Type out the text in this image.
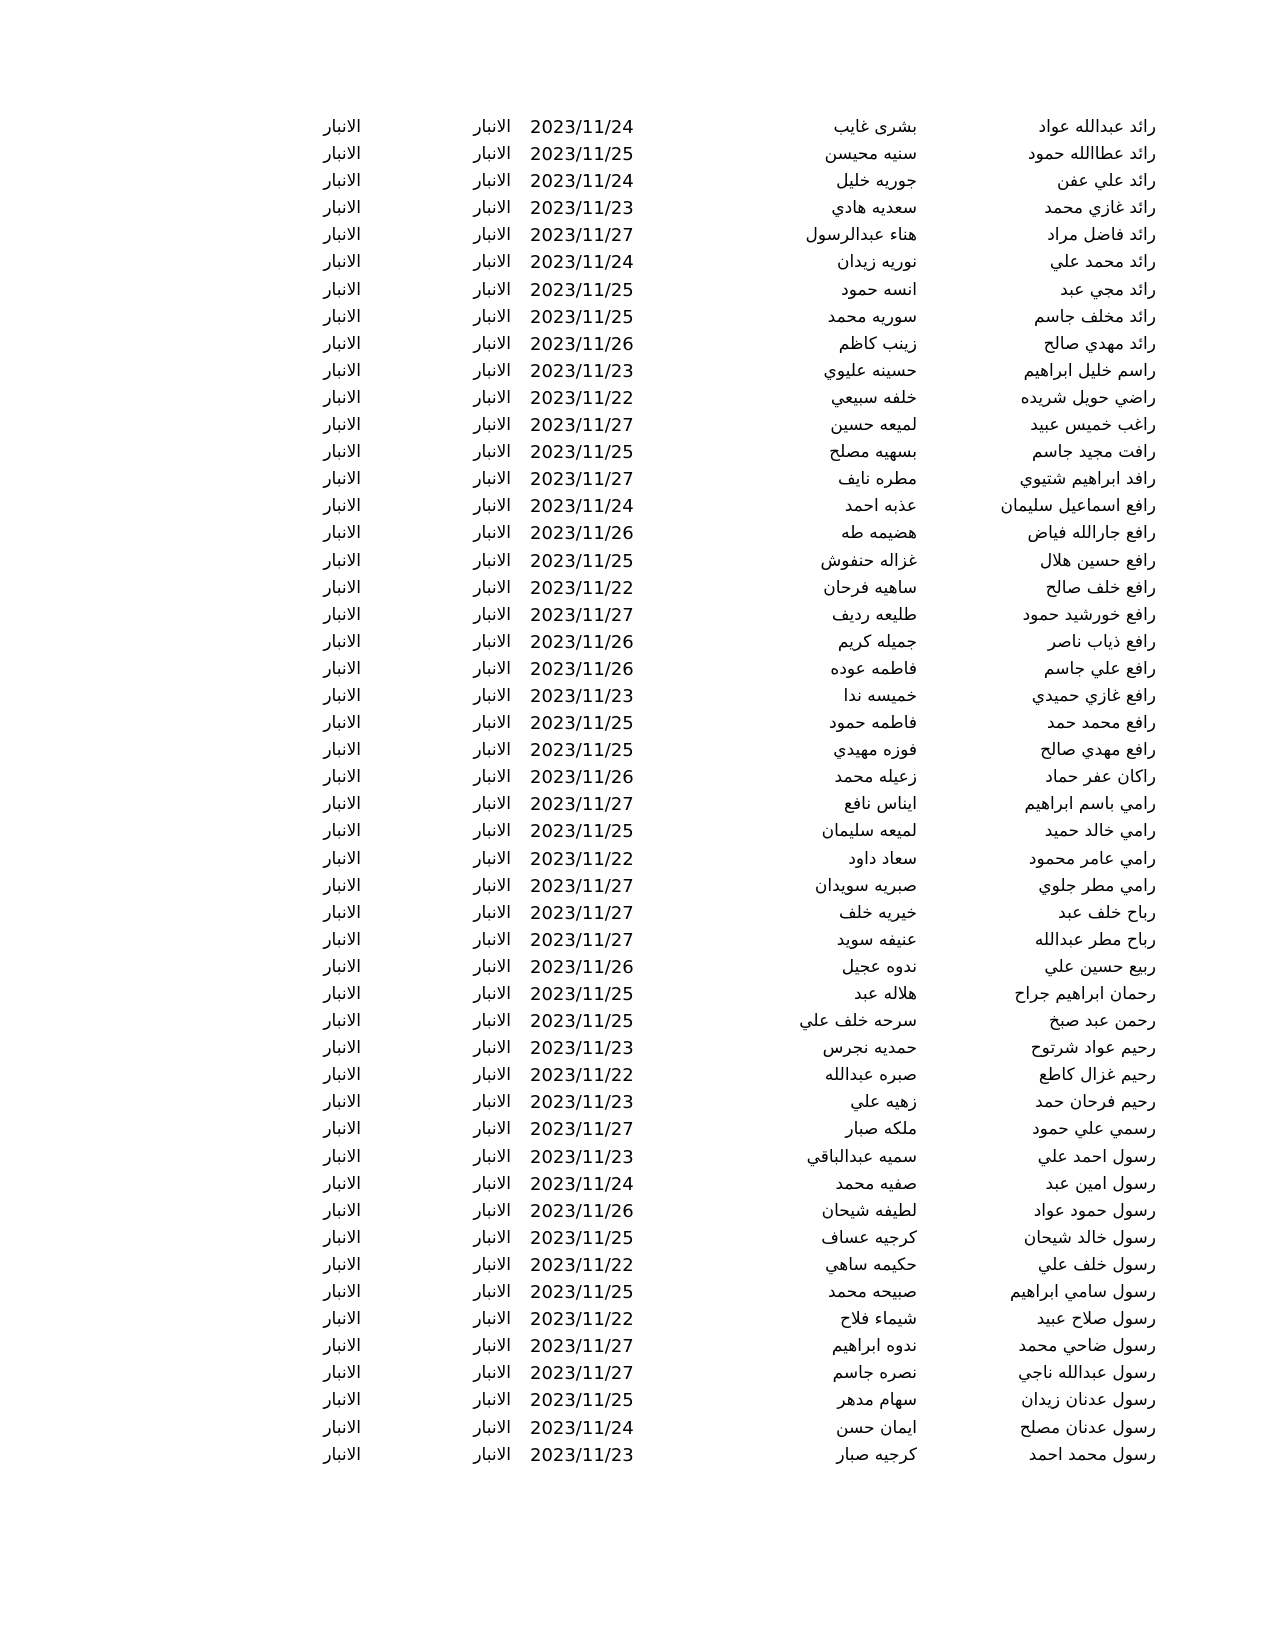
رائد عبدالله عواد
بشرى غايب
2023/11/24
الانبار
الانبار
رائد عطاالله حمود
سنيه محيسن
2023/11/25
الانبار
الانبار
رائد علي عفن
جوريه خليل
2023/11/24
الانبار
الانبار
رائد غازي محمد
سعديه هادي
2023/11/23
الانبار
الانبار
رائد فاضل مراد
هناء عبدالرسول
2023/11/27
الانبار
الانبار
رائد محمد علي
نوريه زيدان
2023/11/24
الانبار
الانبار
رائد مجي عبد
انسه حمود
2023/11/25
الانبار
الانبار
رائد مخلف جاسم
سوريه محمد
2023/11/25
الانبار
الانبار
رائد مهدي صالح
زينب كاظم
2023/11/26
الانبار
الانبار
راسم خليل ابراهيم
حسينه عليوي
2023/11/23
الانبار
الانبار
راضي حويل شريده
خلفه سبيعي
2023/11/22
الانبار
الانبار
راغب خميس عبيد
لميعه حسين
2023/11/27
الانبار
الانبار
رافت مجيد جاسم
بسهيه مصلح
2023/11/25
الانبار
الانبار
رافد ابراهيم شتيوي
مطره نايف
2023/11/27
الانبار
الانبار
رافع اسماعيل سليمان
عذبه احمد
2023/11/24
الانبار
الانبار
رافع جارالله فياض
هضيمه طه
2023/11/26
الانبار
الانبار
رافع حسين هلال
غزاله حنفوش
2023/11/25
الانبار
الانبار
رافع خلف صالح
ساهيه فرحان
2023/11/22
الانبار
الانبار
رافع خورشيد حمود
طليعه رديف
2023/11/27
الانبار
الانبار
رافع ذياب ناصر
جميله كريم
2023/11/26
الانبار
الانبار
رافع علي جاسم
فاطمه عوده
2023/11/26
الانبار
الانبار
رافع غازي حميدي
خميسه ندا
2023/11/23
الانبار
الانبار
رافع محمد حمد
فاطمه حمود
2023/11/25
الانبار
الانبار
رافع مهدي صالح
فوزه مهيدي
2023/11/25
الانبار
الانبار
راكان عفر حماد
زعيله محمد
2023/11/26
الانبار
الانبار
رامي باسم ابراهيم
ايناس نافع
2023/11/27
الانبار
الانبار
رامي خالد حميد
لميعه سليمان
2023/11/25
الانبار
الانبار
رامي عامر محمود
سعاد داود
2023/11/22
الانبار
الانبار
رامي مطر جلوي
صبريه سويدان
2023/11/27
الانبار
الانبار
رباح خلف عبد
خيريه خلف
2023/11/27
الانبار
الانبار
رباح مطر عبدالله
عنيفه سويد
2023/11/27
الانبار
الانبار
ربيع حسين علي
ندوه عجيل
2023/11/26
الانبار
الانبار
رحمان ابراهيم جراح
هلاله عبد
2023/11/25
الانبار
الانبار
رحمن عبد صبخ
سرحه خلف علي
2023/11/25
الانبار
الانبار
رحيم عواد شرتوح
حمديه نجرس
2023/11/23
الانبار
الانبار
رحيم غزال كاطع
صبره عبدالله
2023/11/22
الانبار
الانبار
رحيم فرحان حمد
زهيه علي
2023/11/23
الانبار
الانبار
رسمي علي حمود
ملكه صبار
2023/11/27
الانبار
الانبار
رسول احمد علي
سميه عبدالباقي
2023/11/23
الانبار
الانبار
رسول امين عبد
صفيه محمد
2023/11/24
الانبار
الانبار
رسول حمود عواد
لطيفه شيحان
2023/11/26
الانبار
الانبار
رسول خالد شيحان
كرجيه عساف
2023/11/25
الانبار
الانبار
رسول خلف علي
حكيمه ساهي
2023/11/22
الانبار
الانبار
رسول سامي ابراهيم
صبيحه محمد
2023/11/25
الانبار
الانبار
رسول صلاح عبيد
شيماء فلاح
2023/11/22
الانبار
الانبار
رسول ضاحي محمد
ندوه ابراهيم
2023/11/27
الانبار
الانبار
رسول عبدالله ناجي
نصره جاسم
2023/11/27
الانبار
الانبار
رسول عدنان زيدان
سهام مدهر
2023/11/25
الانبار
الانبار
رسول عدنان مصلح
ايمان حسن
2023/11/24
الانبار
الانبار
رسول محمد احمد
كرجيه صبار
2023/11/23
الانبار
الانبار
